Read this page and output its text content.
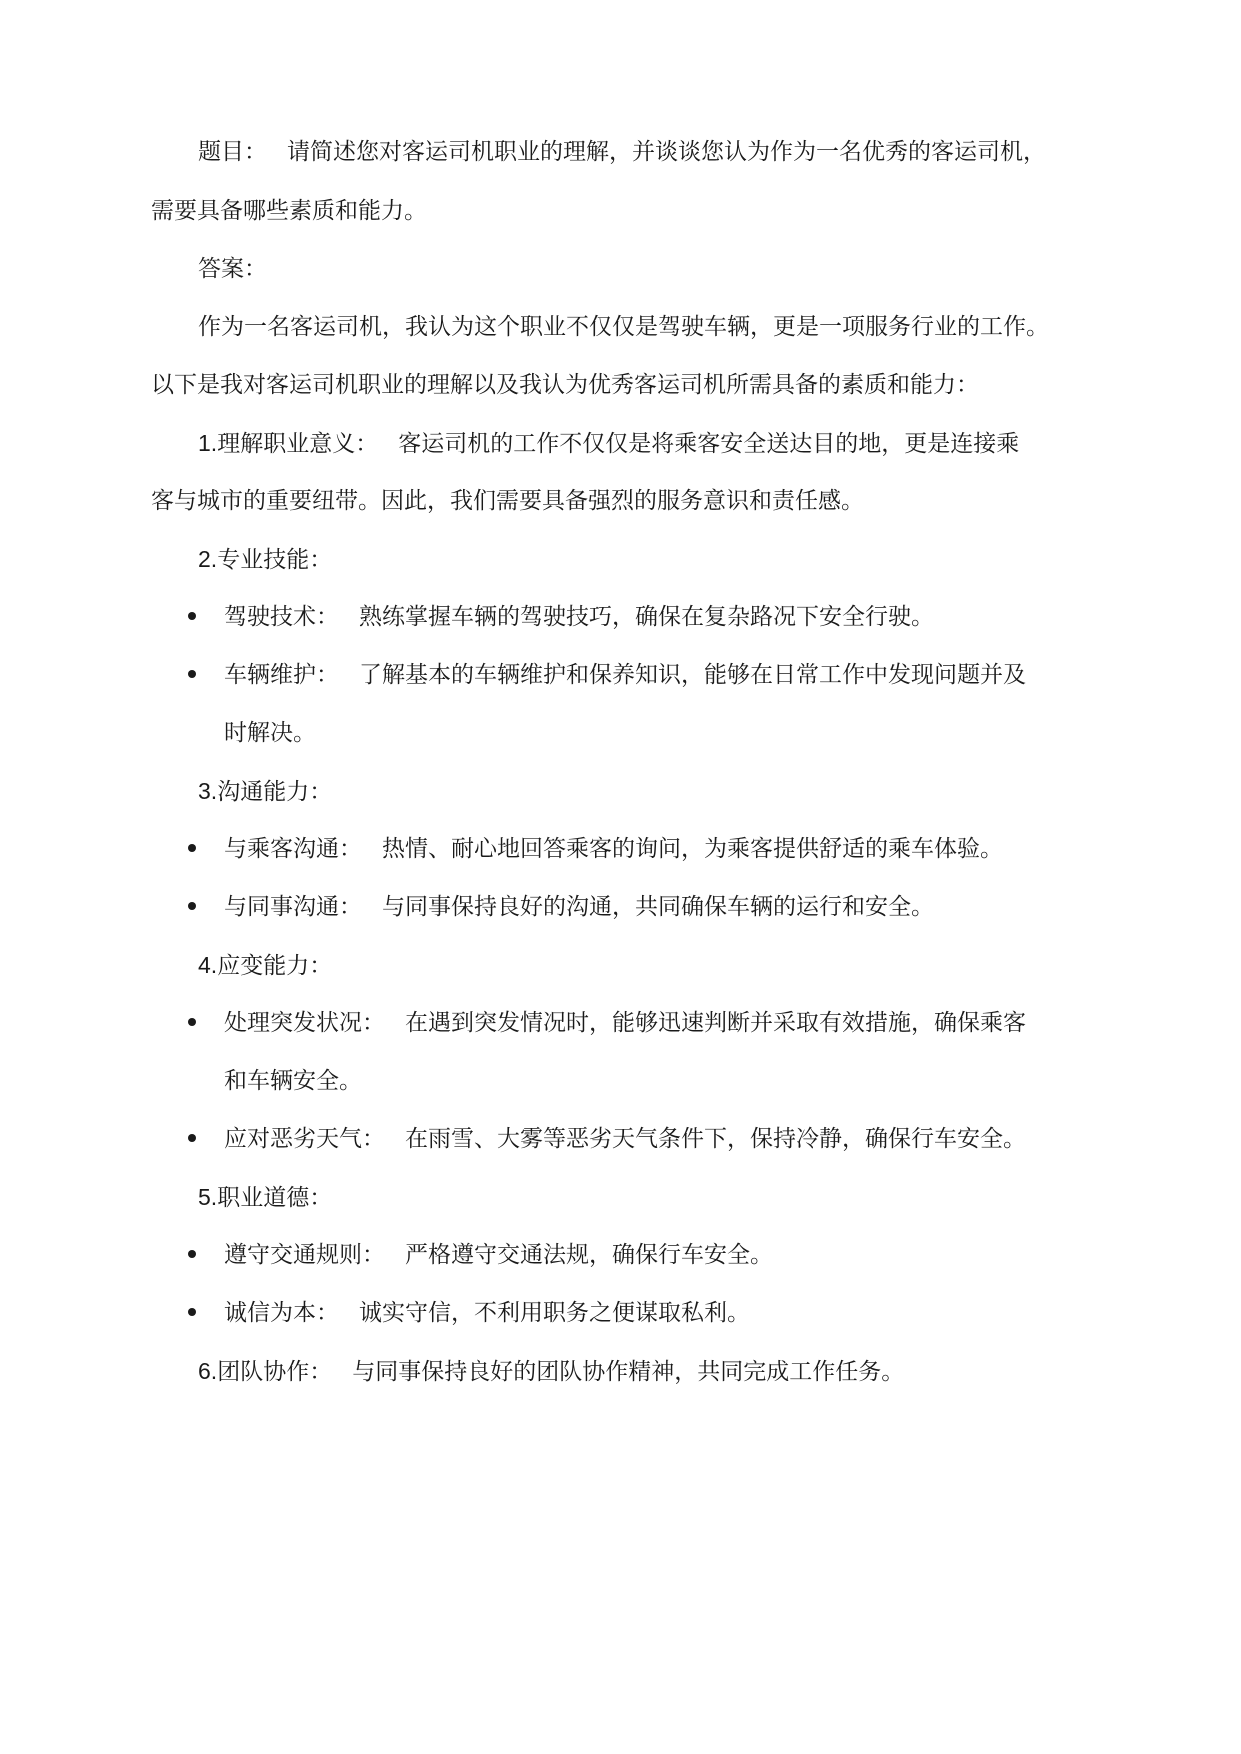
题目： 请简述您对客运司机职业的理解，并谈谈您认为作为一名优秀的客运司机，
需要具备哪些素质和能力。
答案：
作为一名客运司机，我认为这个职业不仅仅是驾驶车辆，更是一项服务行业的工作。
以下是我对客运司机职业的理解以及我认为优秀客运司机所需具备的素质和能力：
1.理解职业意义： 客运司机的工作不仅仅是将乘客安全送达目的地，更是连接乘
客与城市的重要纽带。因此，我们需要具备强烈的服务意识和责任感。
2.专业技能：
驾驶技术： 熟练掌握车辆的驾驶技巧，确保在复杂路况下安全行驶。
车辆维护： 了解基本的车辆维护和保养知识，能够在日常工作中发现问题并及
时解决。
3.沟通能力：
与乘客沟通： 热情、耐心地回答乘客的询问，为乘客提供舒适的乘车体验。
与同事沟通： 与同事保持良好的沟通，共同确保车辆的运行和安全。
4.应变能力：
处理突发状况： 在遇到突发情况时，能够迅速判断并采取有效措施，确保乘客
和车辆安全。
应对恶劣天气： 在雨雪、大雾等恶劣天气条件下，保持冷静，确保行车安全。
5.职业道德：
遵守交通规则： 严格遵守交通法规，确保行车安全。
诚信为本： 诚实守信，不利用职务之便谋取私利。
6.团队协作： 与同事保持良好的团队协作精神，共同完成工作任务。
